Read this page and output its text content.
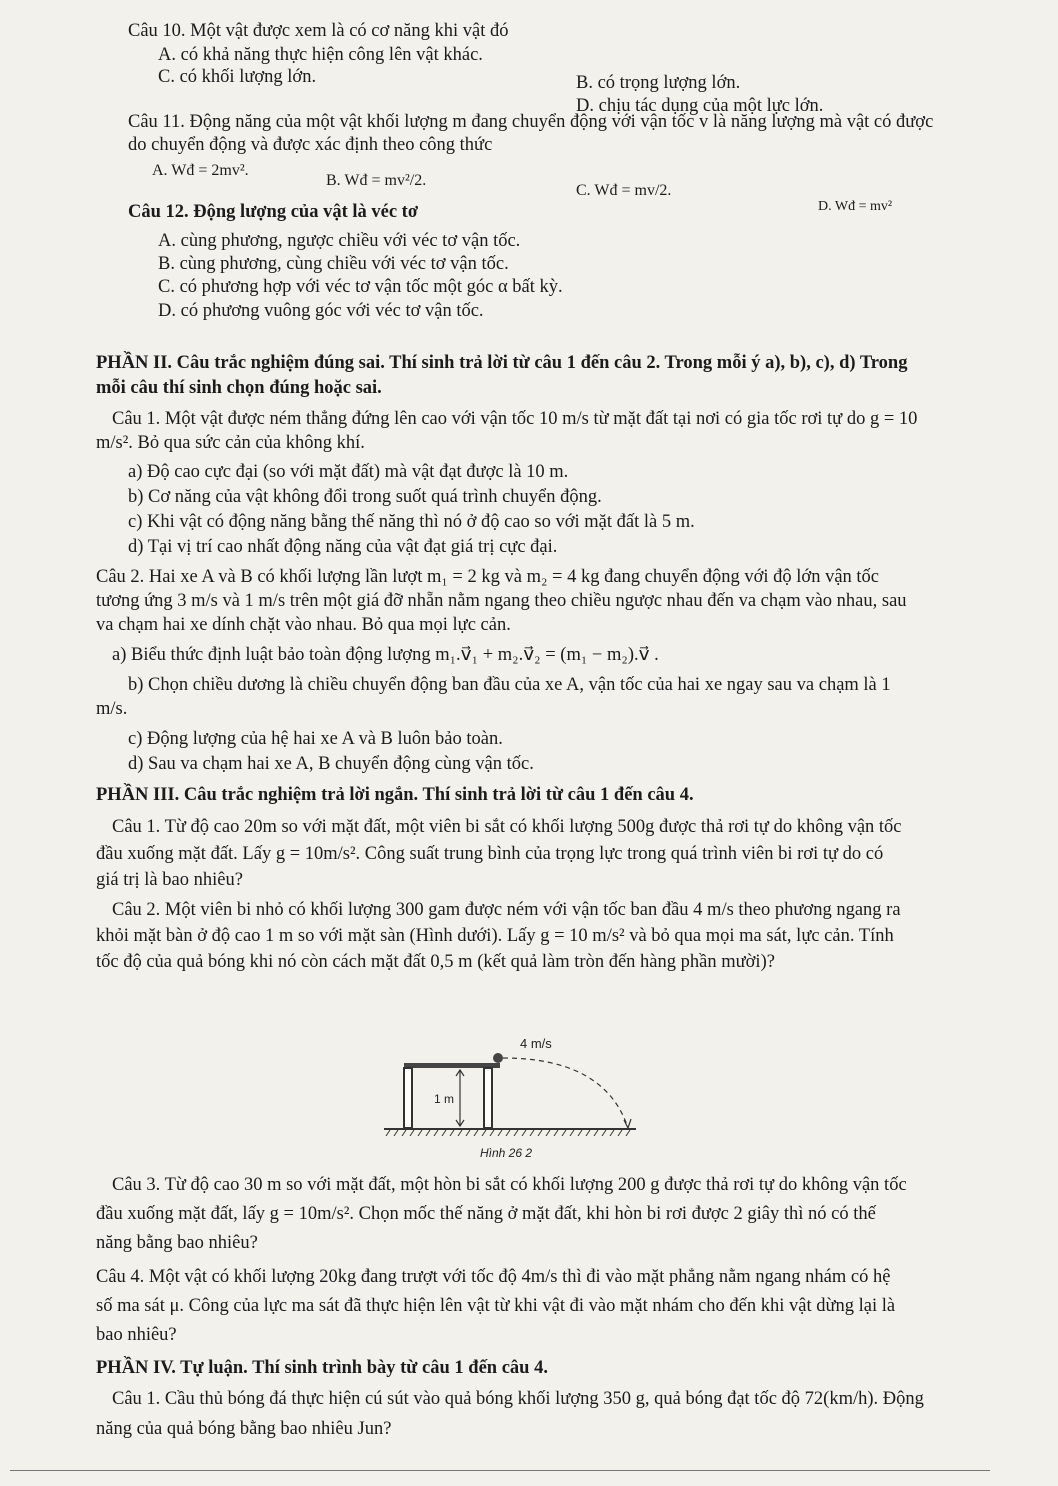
Câu 10. Một vật được xem là có cơ năng khi vật đó
A. có khả năng thực hiện công lên vật khác.
C. có khối lượng lớn.	B. có trọng lượng lớn.
D. chịu tác dụng của một lực lớn.
Câu 11. Động năng của một vật khối lượng m đang chuyển động với vận tốc v là năng lượng mà vật có được
do chuyển động và được xác định theo công thức
A. Wđ = 2mv².
B. Wđ = mv²/2.
C. Wđ = mv/2.
D. Wđ = mv²
Câu 12. Động lượng của vật là véc tơ
A. cùng phương, ngược chiều với véc tơ vận tốc.
B. cùng phương, cùng chiều với véc tơ vận tốc.
C. có phương hợp với véc tơ vận tốc một góc α bất kỳ.
D. có phương vuông góc với véc tơ vận tốc.
PHẦN II. Câu trắc nghiệm đúng sai. Thí sinh trả lời từ câu 1 đến câu 2. Trong mỗi ý a), b), c), d) Trong
mỗi câu thí sinh chọn đúng hoặc sai.
Câu 1. Một vật được ném thẳng đứng lên cao với vận tốc 10 m/s từ mặt đất tại nơi có gia tốc rơi tự do g = 10
m/s². Bỏ qua sức cản của không khí.
a) Độ cao cực đại (so với mặt đất) mà vật đạt được là 10 m.
b) Cơ năng của vật không đổi trong suốt quá trình chuyển động.
c) Khi vật có động năng bằng thế năng thì nó ở độ cao so với mặt đất là 5 m.
d) Tại vị trí cao nhất động năng của vật đạt giá trị cực đại.
Câu 2. Hai xe A và B có khối lượng lần lượt m₁ = 2 kg và m₂ = 4 kg đang chuyển động với độ lớn vận tốc
tương ứng 3 m/s và 1 m/s trên một giá đỡ nhẵn nằm ngang theo chiều ngược nhau đến va chạm vào nhau, sau
va chạm hai xe dính chặt vào nhau. Bỏ qua mọi lực cản.
a) Biểu thức định luật bảo toàn động lượng m₁.v⃗₁ + m₂.v⃗₂ = (m₁ − m₂).v⃗ .
b) Chọn chiều dương là chiều chuyển động ban đầu của xe A, vận tốc của hai xe ngay sau va chạm là 1
m/s.
c) Động lượng của hệ hai xe A và B luôn bảo toàn.
d) Sau va chạm hai xe A, B chuyển động cùng vận tốc.
PHẦN III. Câu trắc nghiệm trả lời ngắn. Thí sinh trả lời từ câu 1 đến câu 4.
Câu 1. Từ độ cao 20m so với mặt đất, một viên bi sắt có khối lượng 500g được thả rơi tự do không vận tốc
đầu xuống mặt đất. Lấy g = 10m/s². Công suất trung bình của trọng lực trong quá trình viên bi rơi tự do có
giá trị là bao nhiêu?
Câu 2. Một viên bi nhỏ có khối lượng 300 gam được ném với vận tốc ban đầu 4 m/s theo phương ngang ra
khỏi mặt bàn ở độ cao 1 m so với mặt sàn (Hình dưới). Lấy g = 10 m/s² và bỏ qua mọi ma sát, lực cản. Tính
tốc độ của quả bóng khi nó còn cách mặt đất 0,5 m (kết quả làm tròn đến hàng phần mười)?
4 m/s
1 m
Hình 26 2
Câu 3. Từ độ cao 30 m so với mặt đất, một hòn bi sắt có khối lượng 200 g được thả rơi tự do không vận tốc
đầu xuống mặt đất, lấy g = 10m/s². Chọn mốc thế năng ở mặt đất, khi hòn bi rơi được 2 giây thì nó có thế
năng bằng bao nhiêu?
Câu 4. Một vật có khối lượng 20kg đang trượt với tốc độ 4m/s thì đi vào mặt phẳng nằm ngang nhám có hệ
số ma sát μ. Công của lực ma sát đã thực hiện lên vật từ khi vật đi vào mặt nhám cho đến khi vật dừng lại là
bao nhiêu?
PHẦN IV. Tự luận. Thí sinh trình bày từ câu 1 đến câu 4.
Câu 1. Cầu thủ bóng đá thực hiện cú sút vào quả bóng khối lượng 350 g, quả bóng đạt tốc độ 72(km/h). Động
năng của quả bóng bằng bao nhiêu Jun?
